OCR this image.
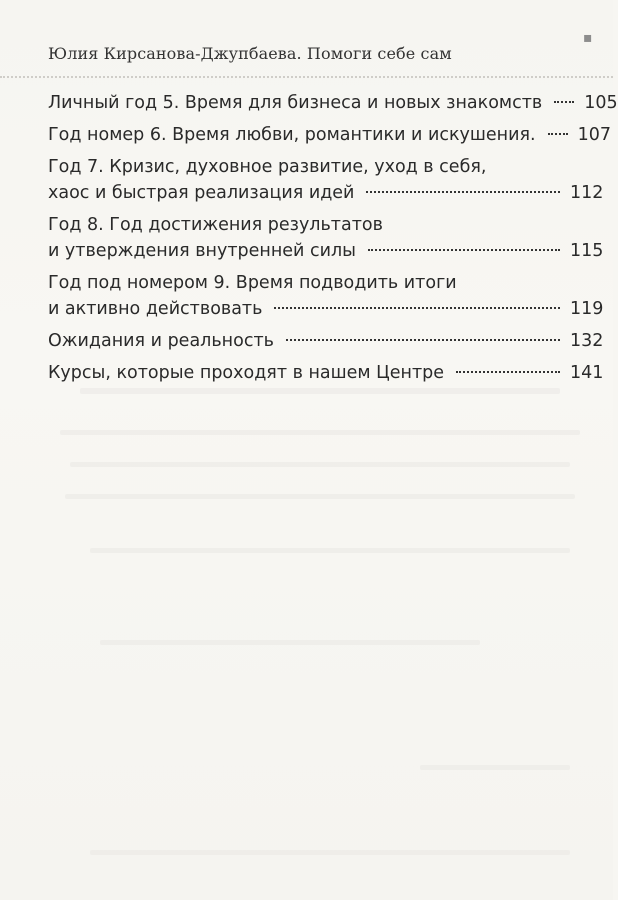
▪
Юлия Кирсанова-Джупбаева. Помоги себе сам
Личный год 5. Время для бизнеса и новых знакомств 105
Год номер 6. Время любви, романтики и искушения. 107
Год 7. Кризис, духовное развитие, уход в себя,
хаос и быстрая реализация идей	112
Год 8. Год достижения результатов
и утверждения внутренней силы	115
Год под номером 9. Время подводить итоги
и активно действовать	119
Ожидания и реальность	132
Курсы, которые проходят в нашем Центре	141
